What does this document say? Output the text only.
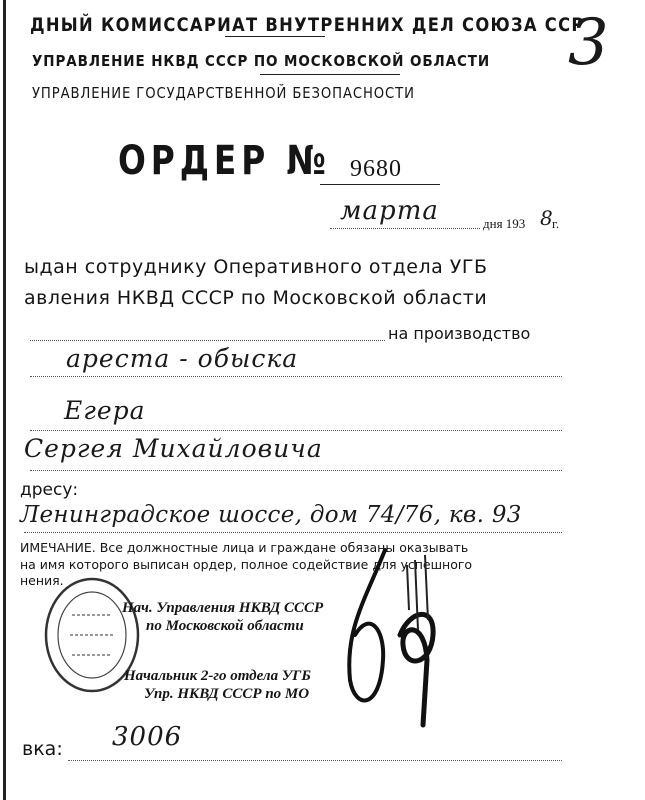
ДНЫЙ КОМИССАРИАТ ВНУТРЕННИХ ДЕЛ СОЮЗА ССР
УПРАВЛЕНИЕ НКВД СССР ПО МОСКОВСКОЙ ОБЛАСТИ
УПРАВЛЕНИЕ ГОСУДАРСТВЕННОЙ БЕЗОПАСНОСТИ
3
ОРДЕР № 9680
марта	дня 193 8
г.
ыдан сотруднику Оперативного отдела УГБ
авления НКВД СССР по Московской области
на производство
ареста - обыска
Егера
Сергея Михайловича
дресу:
Ленинградское шоссе, дом 74/76, кв. 93
ИМЕЧАНИЕ. Все должностные лица и граждане обязаны оказывать
на имя которого выписан ордер, полное содействие для успешного
нения.
Нач. Управления НКВД СССР
по Московской области
Начальник 2-го отдела УГБ
Упр. НКВД СССР по МО
вка: 3006
